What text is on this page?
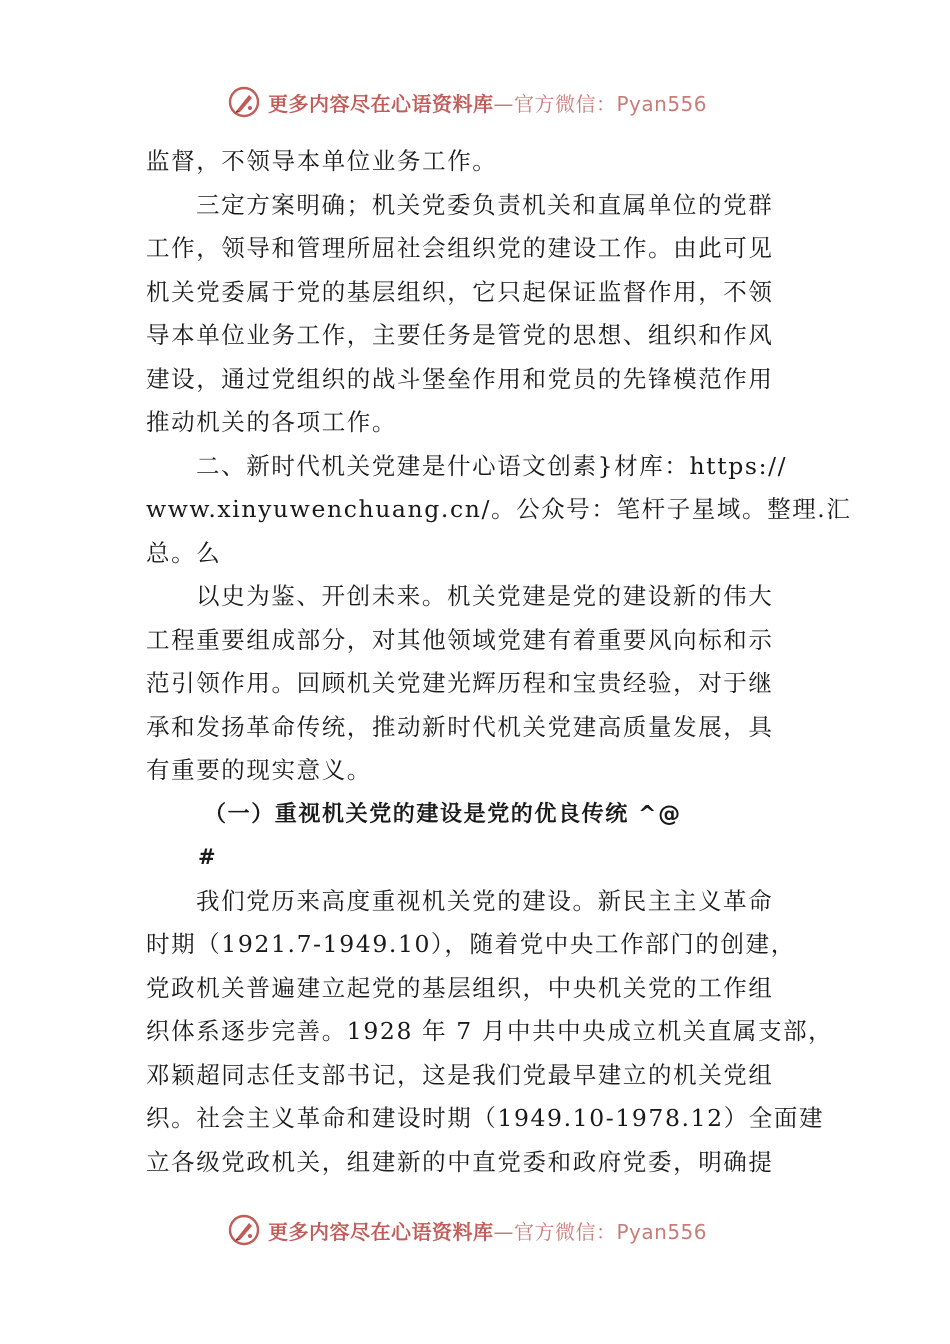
更多内容尽在心语资料库—官方微信：Pyan556
监督，不领导本单位业务工作。
三定方案明确；机关党委负责机关和直属单位的党群
工作，领导和管理所屈社会组织党的建设工作。由此可见
机关党委属于党的基层组织，它只起保证监督作用，不领
导本单位业务工作，主要任务是管党的思想、组织和作风
建设，通过党组织的战斗堡垒作用和党员的先锋模范作用
推动机关的各项工作。
二、新时代机关党建是什心语文创素}材库：https://
www.xinyuwenchuang.cn/。公众号：笔杆子星域。整理.汇
总。么
以史为鉴、开创未来。机关党建是党的建设新的伟大
工程重要组成部分，对其他领域党建有着重要风向标和示
范引领作用。回顾机关党建光辉历程和宝贵经验，对于继
承和发扬革命传统，推动新时代机关党建高质量发展，具
有重要的现实意义。
（一）重视机关党的建设是党的优良传统 ^@
#
我们党历来高度重视机关党的建设。新民主主义革命
时期（1921.7-1949.10），随着党中央工作部门的创建，
党政机关普遍建立起党的基层组织，中央机关党的工作组
织体系逐步完善。1928 年 7 月中共中央成立机关直属支部，
邓颖超同志任支部书记，这是我们党最早建立的机关党组
织。社会主义革命和建设时期（1949.10-1978.12）全面建
立各级党政机关，组建新的中直党委和政府党委，明确提
更多内容尽在心语资料库—官方微信：Pyan556
